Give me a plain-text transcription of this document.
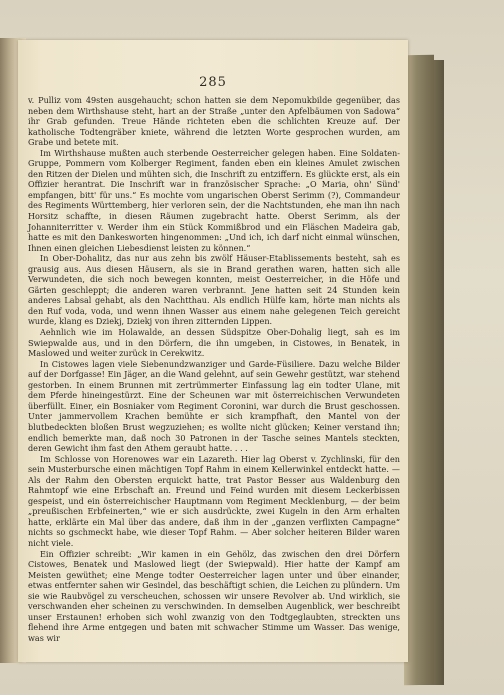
285

v. Pulliz vom 49sten ausgehaucht; schon hatten sie dem Nepomukbilde gegenüber, das neben dem Wirthshause steht, hart an der Straße „unter den Apfelbäumen von Sadowa“ ihr Grab gefunden. Treue Hände richteten eben die schlichten Kreuze auf. Der katholische Todtengräber kniete, während die letzten Worte gesprochen wurden, am Grabe und betete mit.

Im Wirthshause mußten auch sterbende Oesterreicher gelegen haben. Eine Soldaten-Gruppe, Pommern vom Kolberger Regiment, fanden eben ein kleines Amulet zwischen den Ritzen der Dielen und mühten sich, die Inschrift zu entziffern. Es glückte erst, als ein Offizier herantrat. Die Inschrift war in französischer Sprache: „O Maria, ohn' Sünd' empfangen, bitt' für uns.“ Es mochte vom ungarischen Oberst Serimm (?), Commandeur des Regiments Württemberg, hier verloren sein, der die Nachtstunden, ehe man ihn nach Horsitz schaffte, in diesen Räumen zugebracht hatte. Oberst Serimm, als der Johanniterritter v. Werder ihm ein Stück Kommißbrod und ein Fläschen Madeira gab, hatte es mit den Dankesworten hingenommen: „Und ich, ich darf nicht einmal wünschen, Ihnen einen gleichen Liebesdienst leisten zu können.“

In Ober-Dohalitz, das nur aus zehn bis zwölf Häuser-Etablissements besteht, sah es grausig aus. Aus diesen Häusern, als sie in Brand gerathen waren, hatten sich alle Verwundeten, die sich noch bewegen konnten, meist Oesterreicher, in die Höfe und Gärten geschleppt; die anderen waren verbrannt. Jene hatten seit 24 Stunden kein anderes Labsal gehabt, als den Nachtthau. Als endlich Hülfe kam, hörte man nichts als den Ruf voda, voda, und wenn ihnen Wasser aus einem nahe gelegenen Teich gereicht wurde, klang es Dziekj, Dziekj von ihren zitternden Lippen.

Aehnlich wie im Holawalde, an dessen Südspitze Ober-Dohalig liegt, sah es im Swiepwalde aus, und in den Dörfern, die ihn umgeben, in Cistowes, in Benatek, in Maslowed und weiter zurück in Cerekwitz.

In Cistowes lagen viele Siebenundzwanziger und Garde-Füsiliere. Dazu welche Bilder auf der Dorfgasse! Ein Jäger, an die Wand gelehnt, auf sein Gewehr gestützt, war stehend gestorben. In einem Brunnen mit zertrümmerter Einfassung lag ein todter Ulane, mit dem Pferde hineingestürzt. Eine der Scheunen war mit österreichischen Verwundeten überfüllt. Einer, ein Bosniaker vom Regiment Coronini, war durch die Brust geschossen. Unter jammervollem Krachen bemühte er sich krampfhaft, den Mantel von der blutbedeckten bloßen Brust wegzuziehen; es wollte nicht glücken; Keiner verstand ihn; endlich bemerkte man, daß noch 30 Patronen in der Tasche seines Mantels steckten, deren Gewicht ihm fast den Athem geraubt hatte. . . .

Im Schlosse von Horenowes war ein Lazareth. Hier lag Oberst v. Zychlinski, für den sein Musterbursche einen mächtigen Topf Rahm in einem Kellerwinkel entdeckt hatte. — Als der Rahm den Obersten erquickt hatte, trat Pastor Besser aus Waldenburg den Rahmtopf wie eine Erbschaft an. Freund und Feind wurden mit diesem Leckerbissen gespeist, und ein österreichischer Hauptmann vom Regiment Mecklenburg, — der beim „preußischen Erbfeinerten,“ wie er sich ausdrückte, zwei Kugeln in den Arm erhalten hatte, erklärte ein Mal über das andere, daß ihm in der „ganzen verflixten Campagne“ nichts so gschmeckt habe, wie dieser Topf Rahm. — Aber solcher heiteren Bilder waren nicht viele.

Ein Offizier schreibt: „Wir kamen in ein Gehölz, das zwischen den drei Dörfern Cistowes, Benatek und Maslowed liegt (der Swiepwald). Hier hatte der Kampf am Meisten gewüthet; eine Menge todter Oesterreicher lagen unter und über einander, etwas entfernter sahen wir Gesindel, das beschäftigt schien, die Leichen zu plündern. Um sie wie Raubvögel zu verscheuchen, schossen wir unsere Revolver ab. Und wirklich, sie verschwanden eher scheinen zu verschwinden. In demselben Augenblick, wer beschreibt unser Erstaunen! erhoben sich wohl zwanzig von den Todtgeglaubten, streckten uns flehend ihre Arme entgegen und baten mit schwacher Stimme um Wasser. Das wenige, was wir
